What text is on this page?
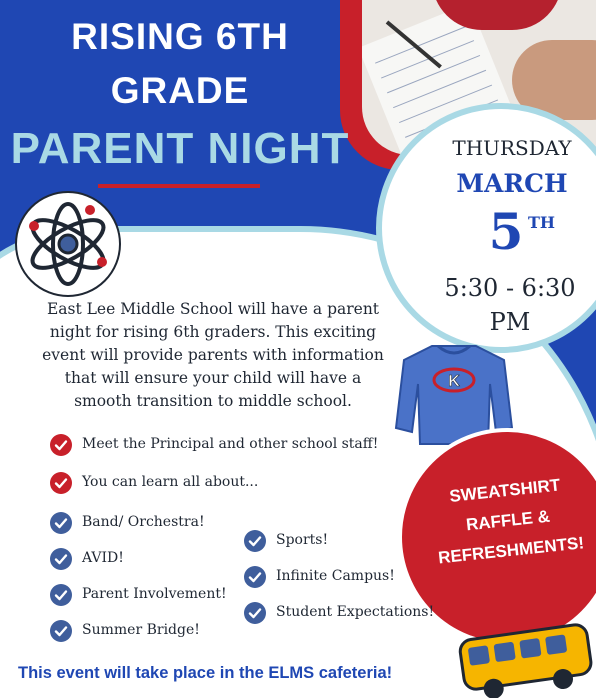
RISING 6TH
GRADE
PARENT NIGHT
East Lee Middle School will have a parent night for rising 6th graders. This exciting event will provide parents with information that will ensure your child will have a smooth transition to middle school.
THURSDAY
MARCH
5 TH
5:30 - 6:30
PM
K
SWEATSHIRT
RAFFLE &
REFRESHMENTS!
Meet the Principal and other school staff!
You can learn all about...
Band/ Orchestra!
AVID!
Parent Involvement!
Summer Bridge!
Sports!
Infinite Campus!
Student Expectations!
This event will take place in the ELMS cafeteria!
